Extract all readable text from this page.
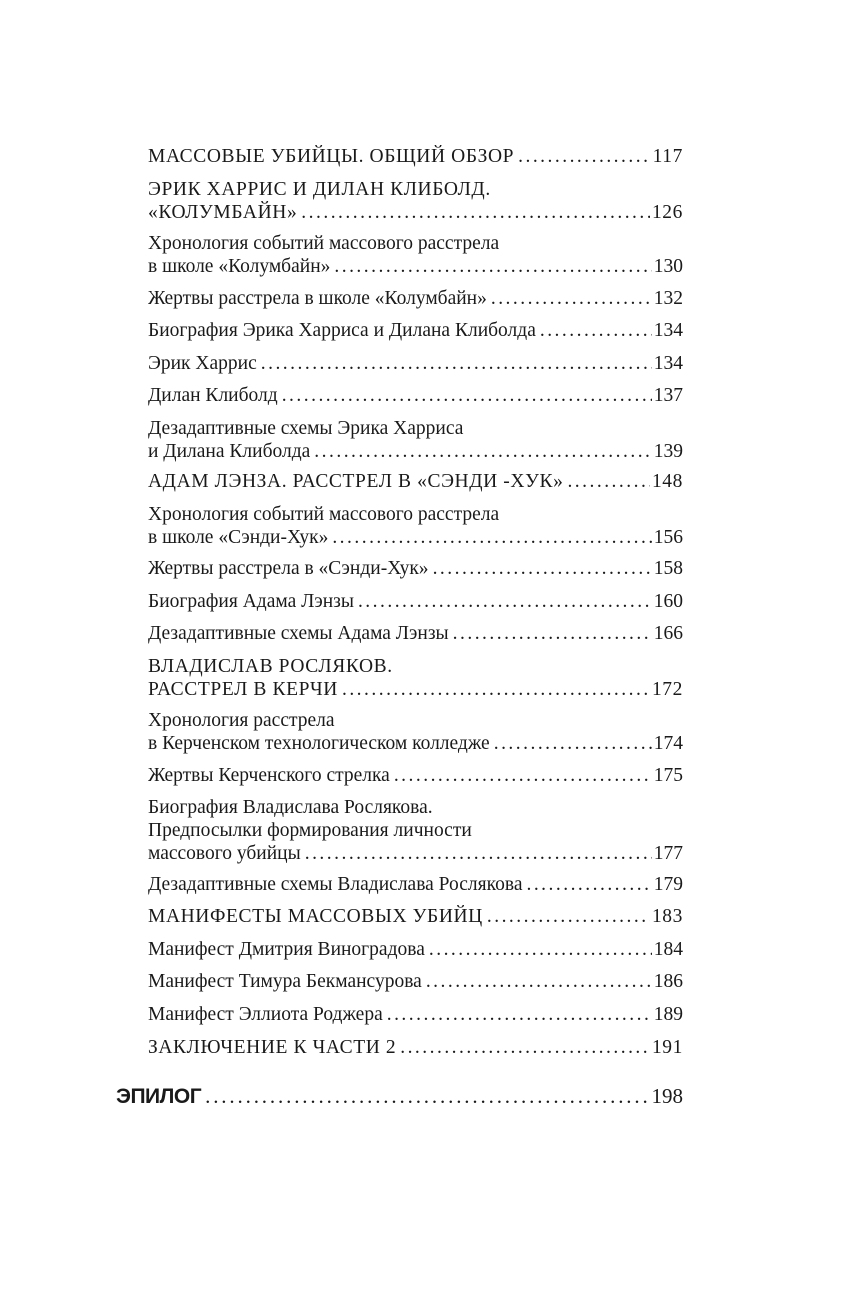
МАССОВЫЕ УБИЙЦЫ. ОБЩИЙ ОБЗОР . . .	117
ЭРИК ХАРРИС И ДИЛАН КЛИБОЛД.
«КОЛУМБАЙН» . . .	126
Хронология событий массового расстрела
в школе «Колумбайн» . . .	130
Жертвы расстрела в школе «Колумбайн» . . .	132
Биография Эрика Харриса и Дилана Клиболда . . .	134
Эрик Харрис . . .	134
Дилан Клиболд . . .	137
Дезадаптивные схемы Эрика Харриса
и Дилана Клиболда . . .	139
АДАМ ЛЭНЗА. РАССТРЕЛ В «СЭНДИ -ХУК» . . .	148
Хронология событий массового расстрела
в школе «Сэнди-Хук» . . .	156
Жертвы расстрела в «Сэнди-Хук» . . .	158
Биография Адама Лэнзы . . .	160
Дезадаптивные схемы Адама Лэнзы . . .	166
ВЛАДИСЛАВ РОСЛЯКОВ.
РАССТРЕЛ В КЕРЧИ . . .	172
Хронология расстрела
в Керченском технологическом колледже . . .	174
Жертвы Керченского стрелка . . .	175
Биография Владислава Рослякова.
Предпосылки формирования личности
массового убийцы . . .	177
Дезадаптивные схемы Владислава Рослякова . . .	179
МАНИФЕСТЫ МАССОВЫХ УБИЙЦ . . .	183
Манифест Дмитрия Виноградова . . .	184
Манифест Тимура Бекмансурова . . .	186
Манифест Эллиота Роджера . . .	189
ЗАКЛЮЧЕНИЕ К ЧАСТИ 2 . . .	191
ЭПИЛОГ . . .	198
